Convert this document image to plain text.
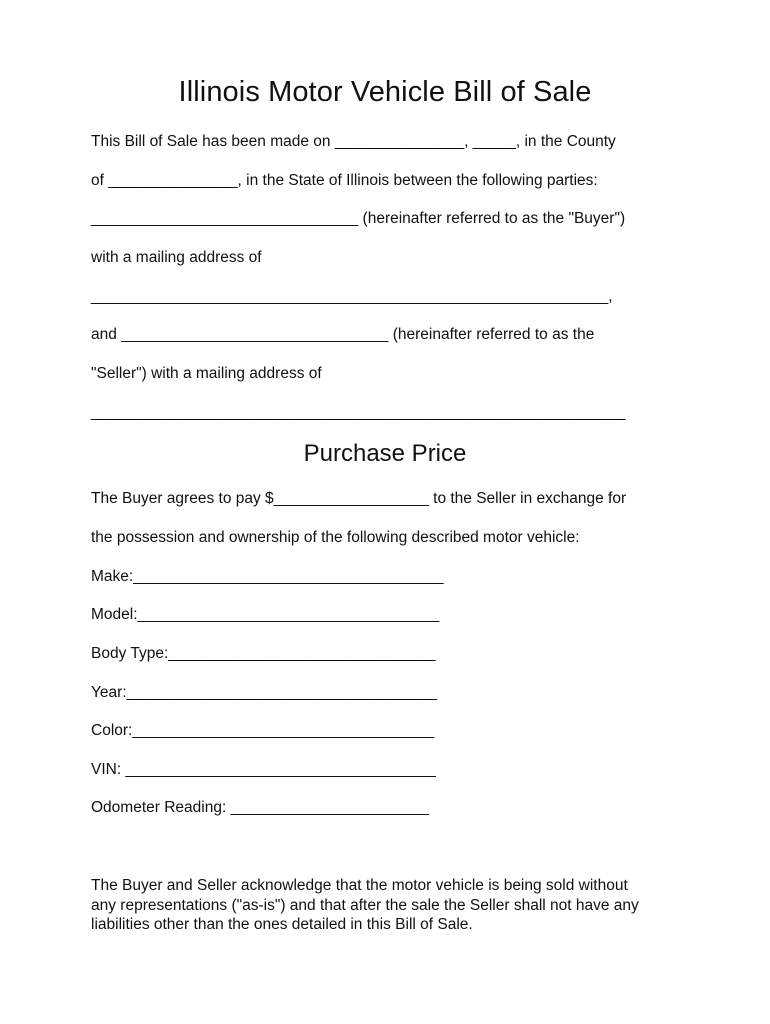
Illinois Motor Vehicle Bill of Sale
This Bill of Sale has been made on _______________, _____, in the County
of _______________, in the State of Illinois between the following parties:
_______________________________ (hereinafter referred to as the "Buyer")
with a mailing address of
____________________________________________________________,
and _______________________________ (hereinafter referred to as the
"Seller") with a mailing address of
______________________________________________________________
Purchase Price
The Buyer agrees to pay $__________________ to the Seller in exchange for
the possession and ownership of the following described motor vehicle:
Make:____________________________________
Model:___________________________________
Body Type:_______________________________
Year:____________________________________
Color:___________________________________
VIN: ____________________________________
Odometer Reading: _______________________
The Buyer and Seller acknowledge that the motor vehicle is being sold without
any representations ("as-is") and that after the sale the Seller shall not have any
liabilities other than the ones detailed in this Bill of Sale.
